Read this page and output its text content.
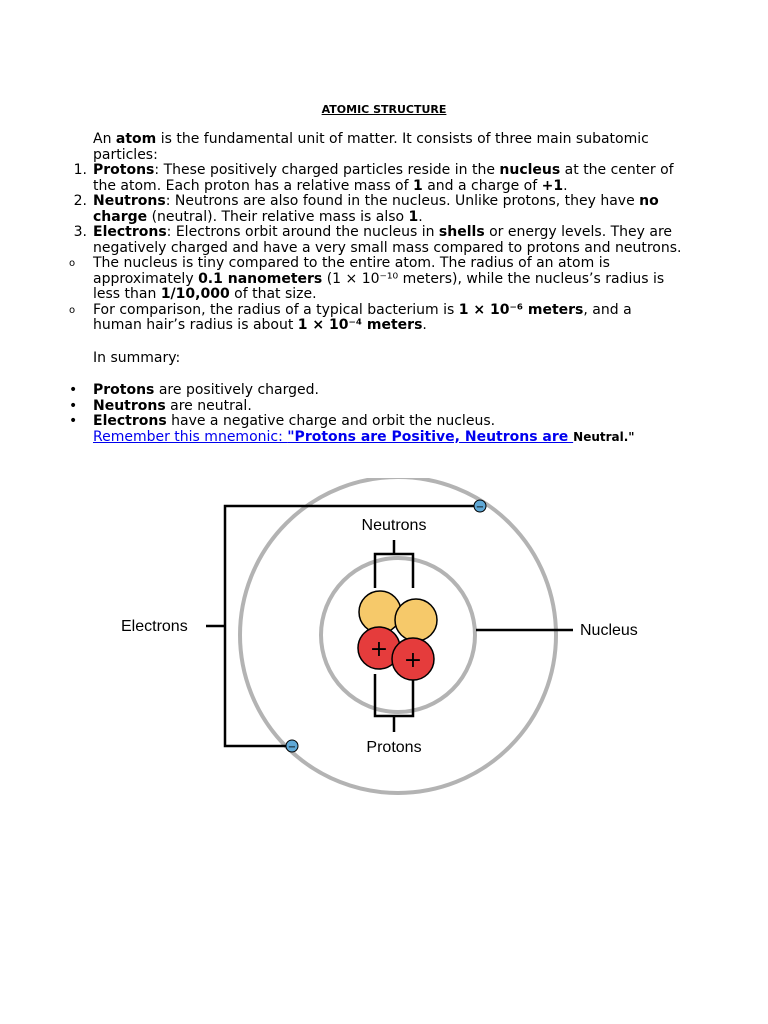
ATOMIC STRUCTURE

An atom is the fundamental unit of matter. It consists of three main subatomic particles:

1. Protons: These positively charged particles reside in the nucleus at the center of the atom. Each proton has a relative mass of 1 and a charge of +1.
2. Neutrons: Neutrons are also found in the nucleus. Unlike protons, they have no charge (neutral). Their relative mass is also 1.
3. Electrons: Electrons orbit around the nucleus in shells or energy levels. They are negatively charged and have a very small mass compared to protons and neutrons.
o	The nucleus is tiny compared to the entire atom. The radius of an atom is approximately 0.1 nanometers (1 × 10⁻¹⁰ meters), while the nucleus’s radius is less than 1/10,000 of that size.
o	For comparison, the radius of a typical bacterium is 1 × 10⁻⁶ meters, and a human hair’s radius is about 1 × 10⁻⁴ meters.

In summary:

•	Protons are positively charged.
•	Neutrons are neutral.
•	Electrons have a negative charge and orbit the nucleus.

Remember this mnemonic: "Protons are Positive, Neutrons are Neutral."

+ +
−
−
Neutrons
Protons
Electrons	Nucleus
